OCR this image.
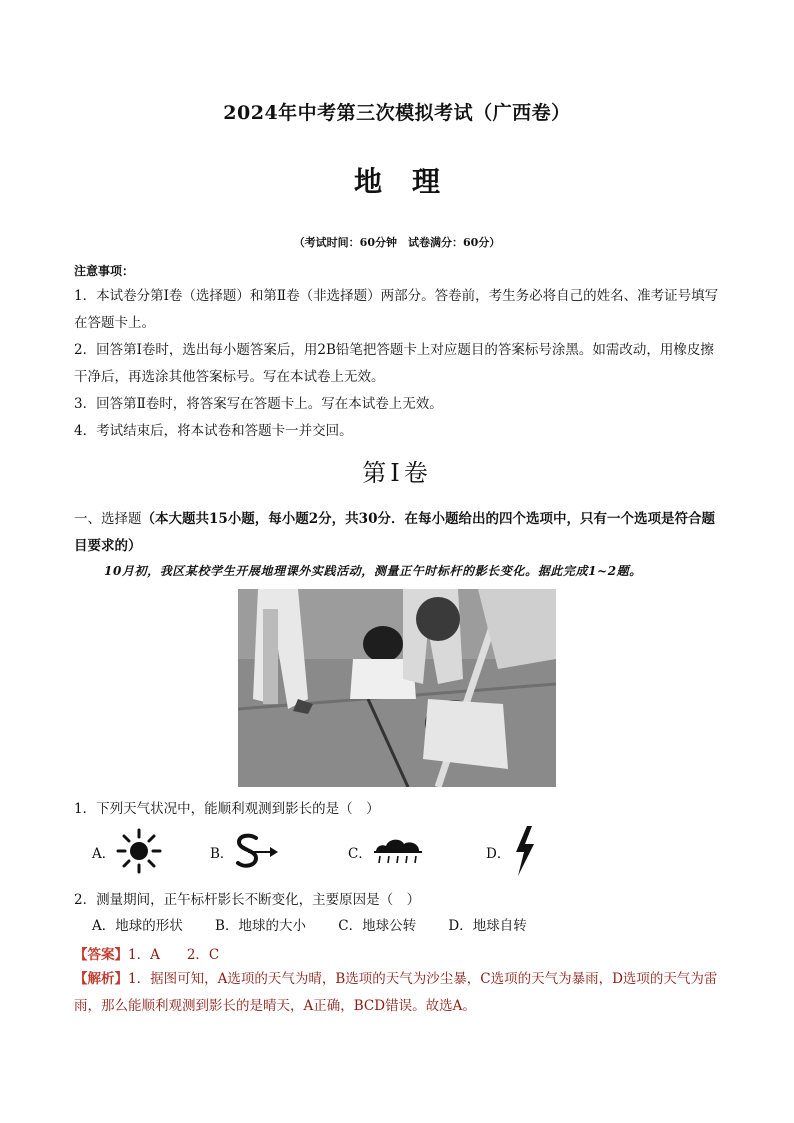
2024年中考第三次模拟考试（广西卷）
地理
（考试时间：60分钟　试卷满分：60分）
注意事项：

1．本试卷分第Ⅰ卷（选择题）和第Ⅱ卷（非选择题）两部分。答卷前，考生务必将自己的姓名、准考证号填写在答题卡上。

2．回答第Ⅰ卷时，选出每小题答案后，用2B铅笔把答题卡上对应题目的答案标号涂黑。如需改动，用橡皮擦干净后，再选涂其他答案标号。写在本试卷上无效。

3．回答第Ⅱ卷时，将答案写在答题卡上。写在本试卷上无效。

4．考试结束后，将本试卷和答题卡一并交回。

第Ⅰ卷
一、选择题（本大题共15小题，每小题2分，共30分．在每小题给出的四个选项中，只有一个选项是符合题目要求的）
10月初，我区某校学生开展地理课外实践活动，测量正午时标杆的影长变化。据此完成1~2题。
1．下列天气状况中，能顺利观测到影长的是（　）
A．	B．	C．	D．
2．测量期间，正午标杆影长不断变化，主要原因是（　）
A．地球的形状 B．地球的大小 C．地球公转 D．地球自转
【答案】1．A　　2．C
【解析】1．据图可知，A选项的天气为晴，B选项的天气为沙尘暴，C选项的天气为暴雨，D选项的天气为雷雨，那么能顺利观测到影长的是晴天，A正确，BCD错误。故选A。
